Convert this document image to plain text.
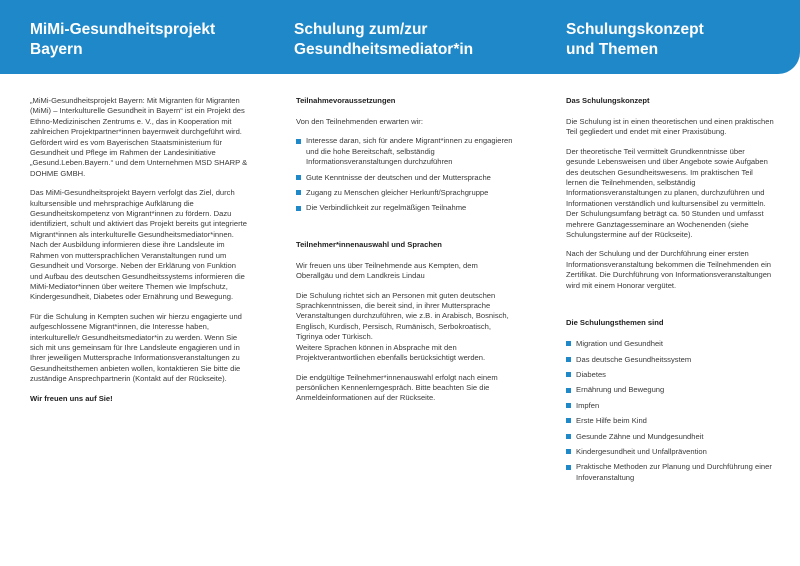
MiMi-Gesundheitsprojekt
Bayern
Schulung zum/zur
Gesundheitsmediator*in
Schulungskonzept
und Themen

„MiMi-Gesundheitsprojekt Bayern: Mit Migranten für Migranten (MiMi) – Interkulturelle Gesundheit in Bayern“ ist ein Projekt des Ethno-Medizinischen Zentrums e. V., das in Kooperation mit zahlreichen Projektpartner*innen bayernweit durchgeführt wird. Gefördert wird es vom Bayerischen Staatsministerium für Gesundheit und Pflege im Rahmen der Landesinitiative „Gesund.Leben.Bayern.“ und dem Unternehmen MSD SHARP & DOHME GMBH.

Das MiMi-Gesundheitsprojekt Bayern verfolgt das Ziel, durch kultursensible und mehrsprachige Aufklärung die Gesundheitskompetenz von Migrant*innen zu fördern. Dazu identifiziert, schult und aktiviert das Projekt bereits gut integrierte Migrant*innen als interkulturelle Gesundheitsmediator*innen. Nach der Ausbildung informieren diese ihre Landsleute im Rahmen von muttersprachlichen Veranstaltungen rund um Gesundheit und Vorsorge. Neben der Erklärung von Funktion und Aufbau des deutschen Gesundheitssystems informieren die MiMi-Mediator*innen über weitere Themen wie Impfschutz, Kindergesundheit, Diabetes oder Ernährung und Bewegung.

Für die Schulung in Kempten suchen wir hierzu engagierte und aufgeschlossene Migrant*innen, die Interesse haben, interkulturelle/r Gesundheitsmediator*in zu werden. Wenn Sie sich mit uns gemeinsam für Ihre Landsleute engagieren und in Ihrer jeweiligen Muttersprache Informationsveranstaltungen zu Gesundheitsthemen anbieten wollen, kontaktieren Sie bitte die zuständige Ansprechpartnerin (Kontakt auf der Rückseite).

Wir freuen uns auf Sie!

Teilnahmevoraussetzungen

Von den Teilnehmenden erwarten wir:

Interesse daran, sich für andere Migrant*innen zu engagieren und die hohe Bereitschaft, selbständig Informationsveranstaltungen durchzuführen
Gute Kenntnisse der deutschen und der Muttersprache
Zugang zu Menschen gleicher Herkunft/Sprachgruppe
Die Verbindlichkeit zur regelmäßigen Teilnahme
Teilnehmer*innenauswahl und Sprachen

Wir freuen uns über Teilnehmende aus Kempten, dem Oberallgäu und dem Landkreis Lindau

Die Schulung richtet sich an Personen mit guten deutschen Sprachkenntnissen, die bereit sind, in ihrer Muttersprache Veranstaltungen durchzuführen, wie z.B. in Arabisch, Bosnisch, Englisch, Kurdisch, Persisch, Rumänisch, Serbokroatisch, Tigrinya oder Türkisch.
Weitere Sprachen können in Absprache mit den Projektverantwortlichen ebenfalls berücksichtigt werden.

Die endgültige Teilnehmer*innenauswahl erfolgt nach einem persönlichen Kennenlerngespräch. Bitte beachten Sie die Anmeldeinformationen auf der Rückseite.

Das Schulungskonzept

Die Schulung ist in einen theoretischen und einen praktischen Teil gegliedert und endet mit einer Praxisübung.

Der theoretische Teil vermittelt Grundkenntnisse über gesunde Lebensweisen und über Angebote sowie Aufgaben des deutschen Gesundheitswesens. Im praktischen Teil lernen die Teilnehmenden, selbständig Informationsveranstaltungen zu planen, durchzuführen und Informationen verständlich und kultursensibel zu vermitteln. Der Schulungsumfang beträgt ca. 50 Stunden und umfasst mehrere Ganztagesseminare an Wochenenden (siehe Schulungstermine auf der Rückseite).

Nach der Schulung und der Durchführung einer ersten Informationsveranstaltung bekommen die Teilnehmenden ein Zertifikat. Die Durchführung von Informationsveranstaltungen wird mit einem Honorar vergütet.

Die Schulungsthemen sind
Migration und Gesundheit
Das deutsche Gesundheitssystem
Diabetes
Ernährung und Bewegung
Impfen
Erste Hilfe beim Kind
Gesunde Zähne und Mundgesundheit
Kindergesundheit und Unfallprävention
Praktische Methoden zur Planung und Durchführung einer Infoveranstaltung
